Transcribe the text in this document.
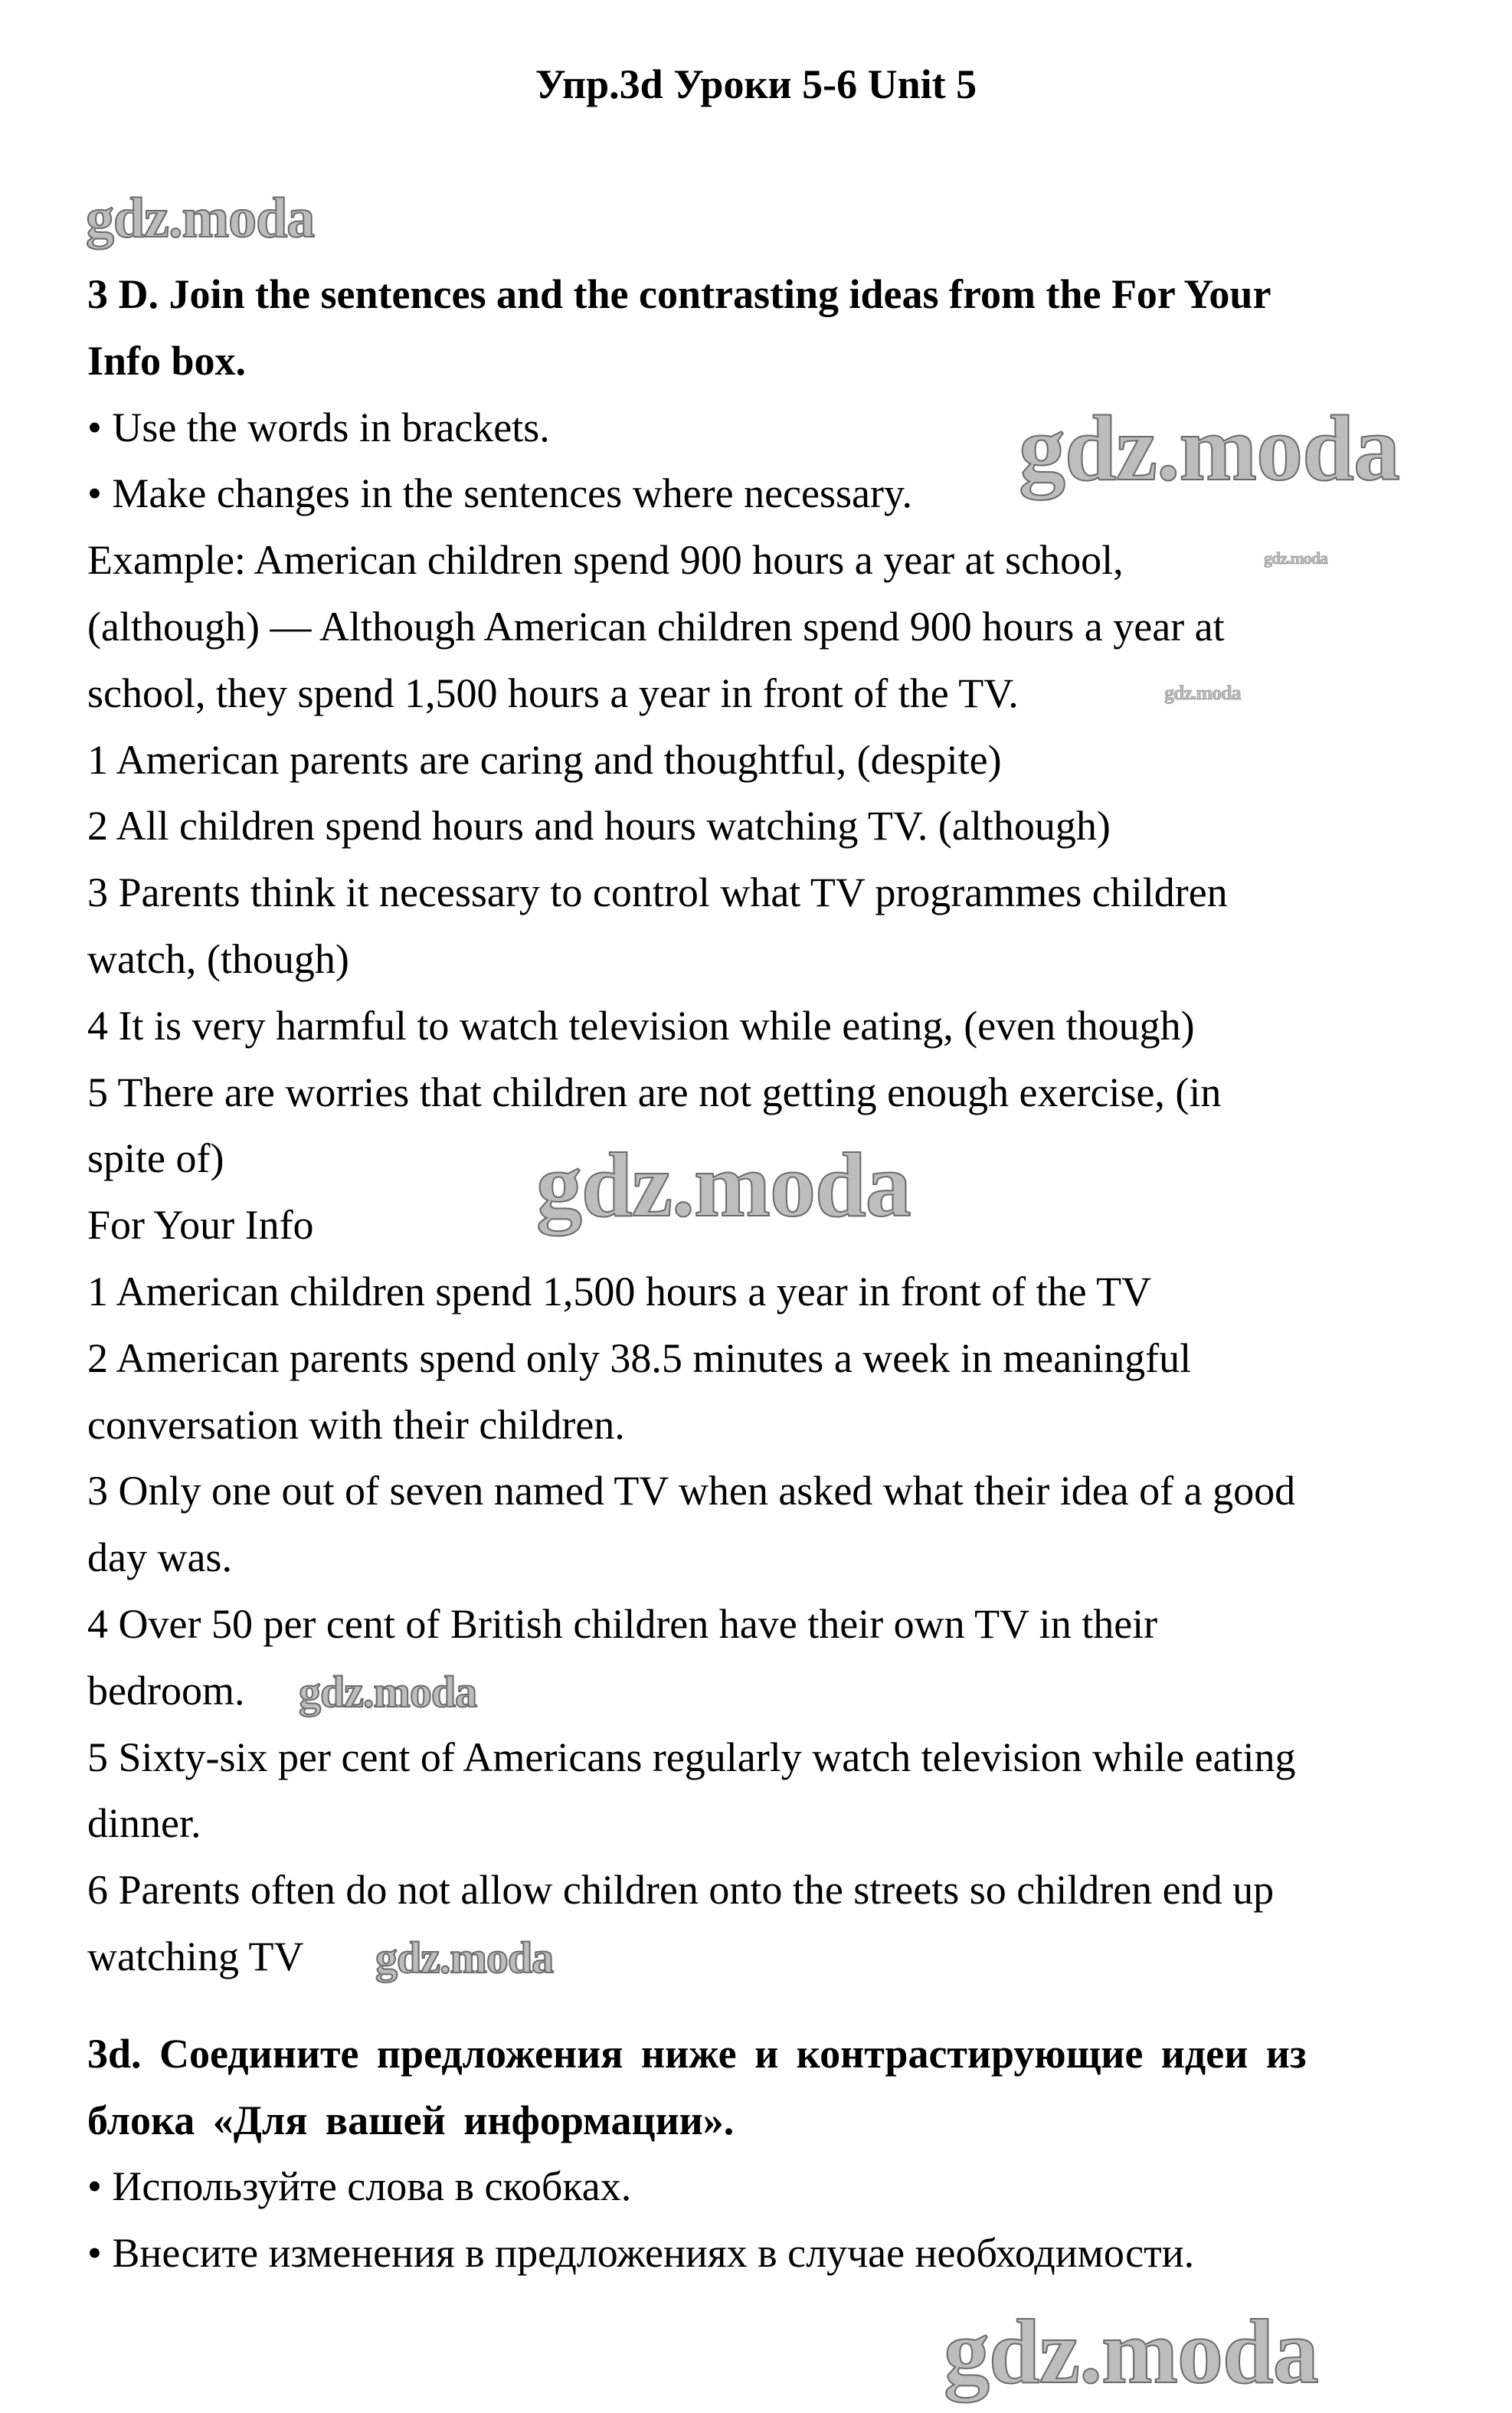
Упр.3d Уроки 5-6 Unit 5
3 D. Join the sentences and the contrasting ideas from the For Your
Info box.
• Use the words in brackets.
• Make changes in the sentences where necessary.
Example: American children spend 900 hours a year at school,
(although) — Although American children spend 900 hours a year at
school, they spend 1,500 hours a year in front of the TV.
1 American parents are caring and thoughtful, (despite)
2 All children spend hours and hours watching TV. (although)
3 Parents think it necessary to control what TV programmes children
watch, (though)
4 It is very harmful to watch television while eating, (even though)
5 There are worries that children are not getting enough exercise, (in
spite of)
For Your Info
1 American children spend 1,500 hours a year in front of the TV
2 American parents spend only 38.5 minutes a week in meaningful
conversation with their children.
3 Only one out of seven named TV when asked what their idea of a good
day was.
4 Over 50 per cent of British children have their own TV in their
bedroom.
5 Sixty-six per cent of Americans regularly watch television while eating
dinner.
6 Parents often do not allow children onto the streets so children end up
watching TV
3d. Соедините предложения ниже и контрастирующие идеи из
блока «Для вашей информации».
• Используйте слова в скобках.
• Внесите изменения в предложениях в случае необходимости.
gdz.moda
gdz.moda
gdz.moda
gdz.moda
gdz.moda
gdz.moda
gdz.moda
gdz.moda
